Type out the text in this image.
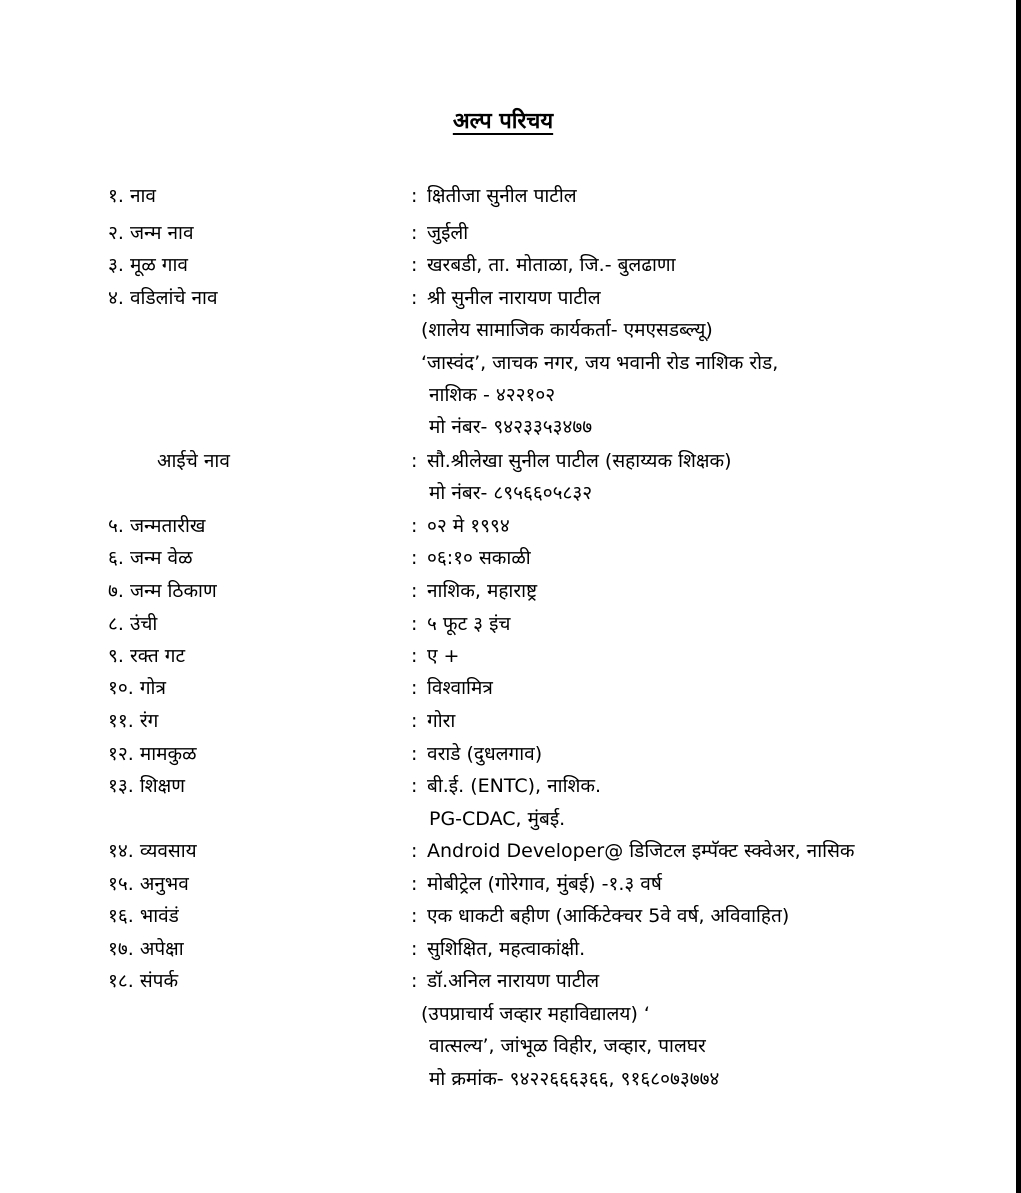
अल्प परिचय
१. नाव	: क्षितीजा सुनील पाटील
२. जन्म नाव	: जुईली
३. मूळ गाव	: खरबडी, ता. मोताळा, जि.- बुलढाणा
४. वडिलांचे नाव	: श्री सुनील नारायण पाटील
(शालेय सामाजिक कार्यकर्ता- एमएसडब्ल्यू)
‘जास्वंद’, जाचक नगर, जय भवानी रोड नाशिक रोड,
नाशिक - ४२२१०२
मो नंबर- ९४२३३५३४७७
आईचे नाव	: सौ.श्रीलेखा सुनील पाटील (सहाय्यक शिक्षक)
मो नंबर- ८९५६६०५८३२
५. जन्मतारीख	: ०२ मे १९९४
६. जन्म वेळ	: ०६:१० सकाळी
७. जन्म ठिकाण	: नाशिक, महाराष्ट्र
८. उंची	: ५ फूट ३ इंच
९. रक्त गट	: ए +
१०. गोत्र	: विश्वामित्र
११. रंग	: गोरा
१२. मामकुळ	: वराडे (दुधलगाव)
१३. शिक्षण	: बी.ई. (ENTC), नाशिक.
PG-CDAC, मुंबई.
१४. व्यवसाय	: Android Developer@ डिजिटल इम्पॅक्ट स्क्वेअर, नासिक
१५. अनुभव	: मोबीट्रेल (गोरेगाव, मुंबई) -१.३ वर्ष
१६. भावंडं	: एक धाकटी बहीण (आर्किटेक्चर 5वे वर्ष, अविवाहित)
१७. अपेक्षा	: सुशिक्षित, महत्वाकांक्षी.
१८. संपर्क	: डॉ.अनिल नारायण पाटील
(उपप्राचार्य जव्हार महाविद्यालय) ‘
वात्सल्य’, जांभूळ विहीर, जव्हार, पालघर
मो क्रमांक- ९४२२६६६३६६, ९१६८०७३७७४
